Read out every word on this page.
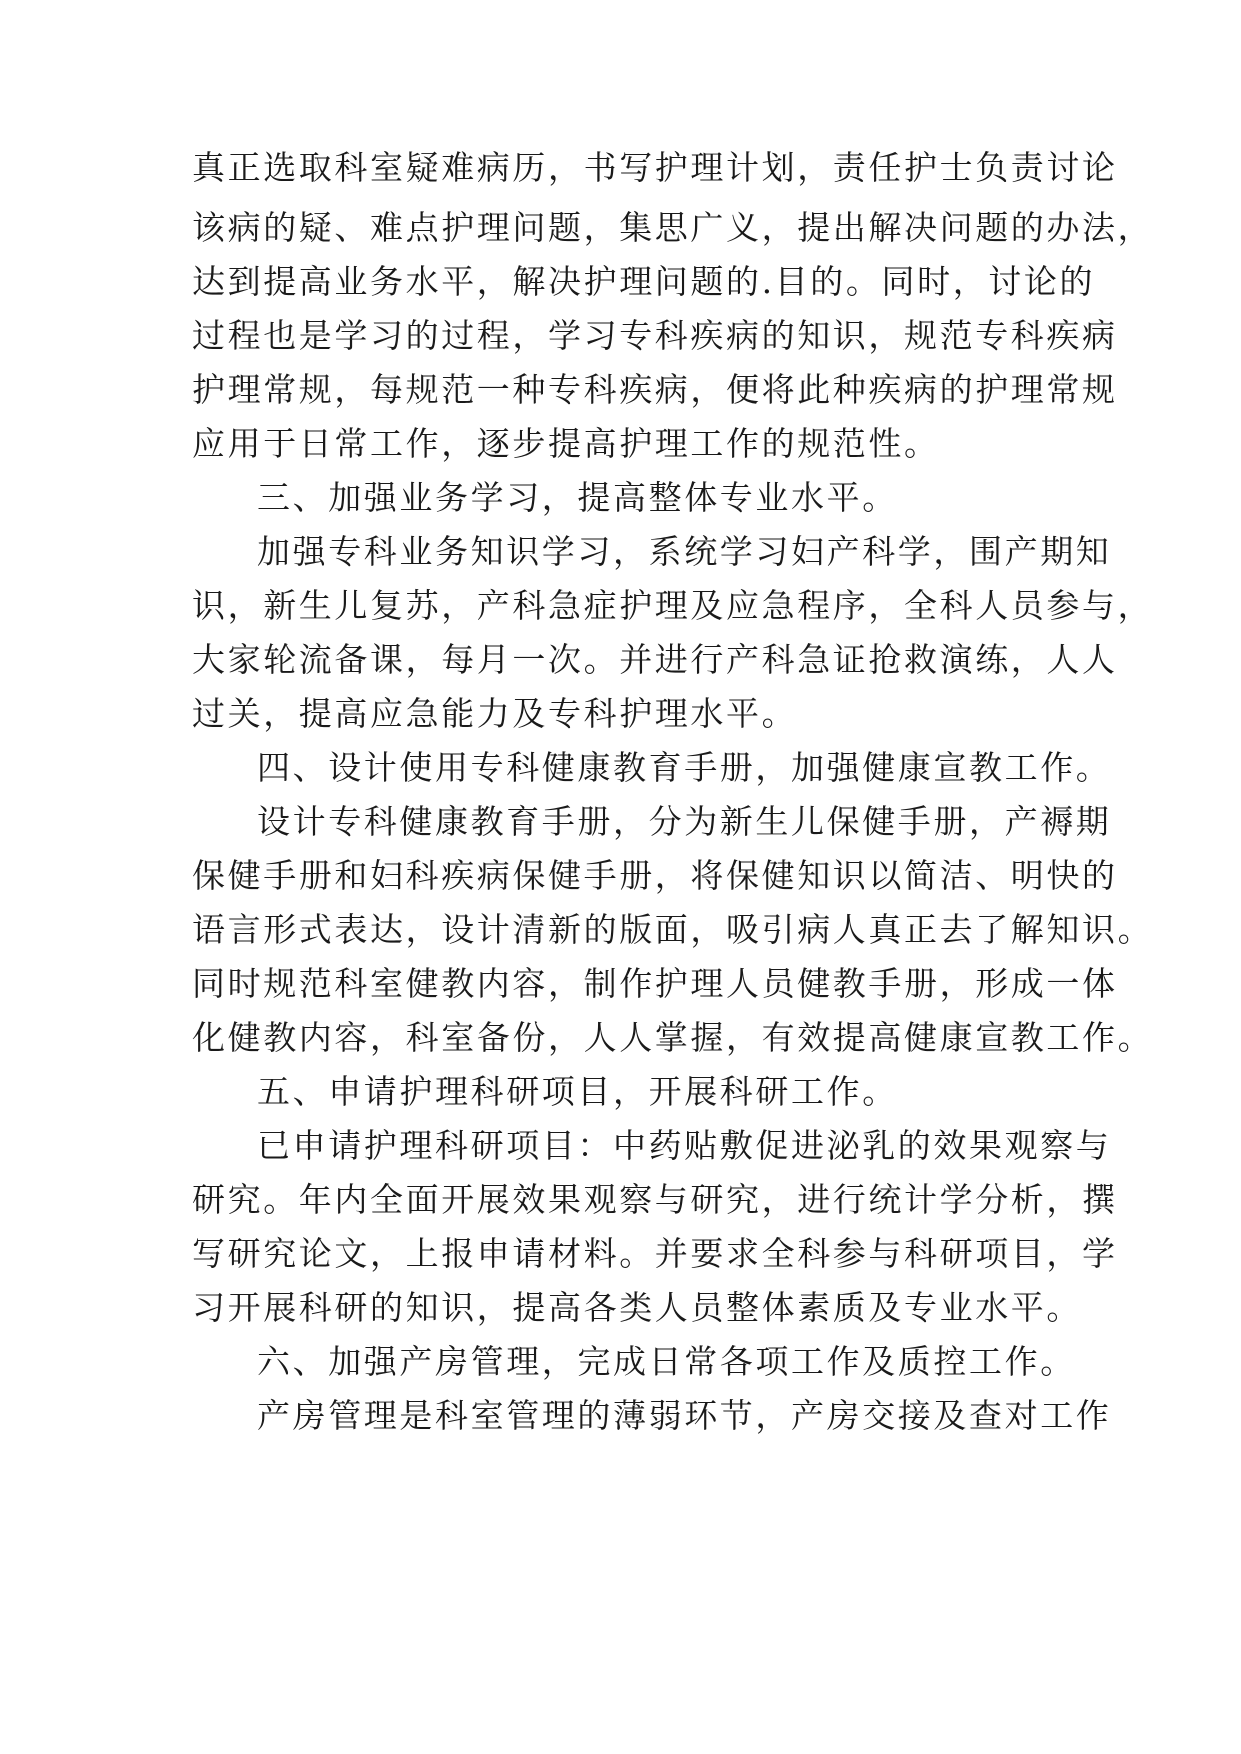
真正选取科室疑难病历，书写护理计划，责任护士负责讨论

该病的疑、难点护理问题，集思广义，提出解决问题的办法，

达到提高业务水平，解决护理问题的.目的。同时，讨论的

过程也是学习的过程，学习专科疾病的知识，规范专科疾病

护理常规，每规范一种专科疾病，便将此种疾病的护理常规

应用于日常工作，逐步提高护理工作的规范性。

三、加强业务学习，提高整体专业水平。

加强专科业务知识学习，系统学习妇产科学，围产期知

识，新生儿复苏，产科急症护理及应急程序，全科人员参与，

大家轮流备课，每月一次。并进行产科急证抢救演练，人人

过关，提高应急能力及专科护理水平。

四、设计使用专科健康教育手册，加强健康宣教工作。

设计专科健康教育手册，分为新生儿保健手册，产褥期

保健手册和妇科疾病保健手册，将保健知识以简洁、明快的

语言形式表达，设计清新的版面，吸引病人真正去了解知识。

同时规范科室健教内容，制作护理人员健教手册，形成一体

化健教内容，科室备份，人人掌握，有效提高健康宣教工作。

五、申请护理科研项目，开展科研工作。

已申请护理科研项目：中药贴敷促进泌乳的效果观察与

研究。年内全面开展效果观察与研究，进行统计学分析，撰

写研究论文，上报申请材料。并要求全科参与科研项目，学

习开展科研的知识，提高各类人员整体素质及专业水平。

六、加强产房管理，完成日常各项工作及质控工作。

产房管理是科室管理的薄弱环节，产房交接及查对工作
